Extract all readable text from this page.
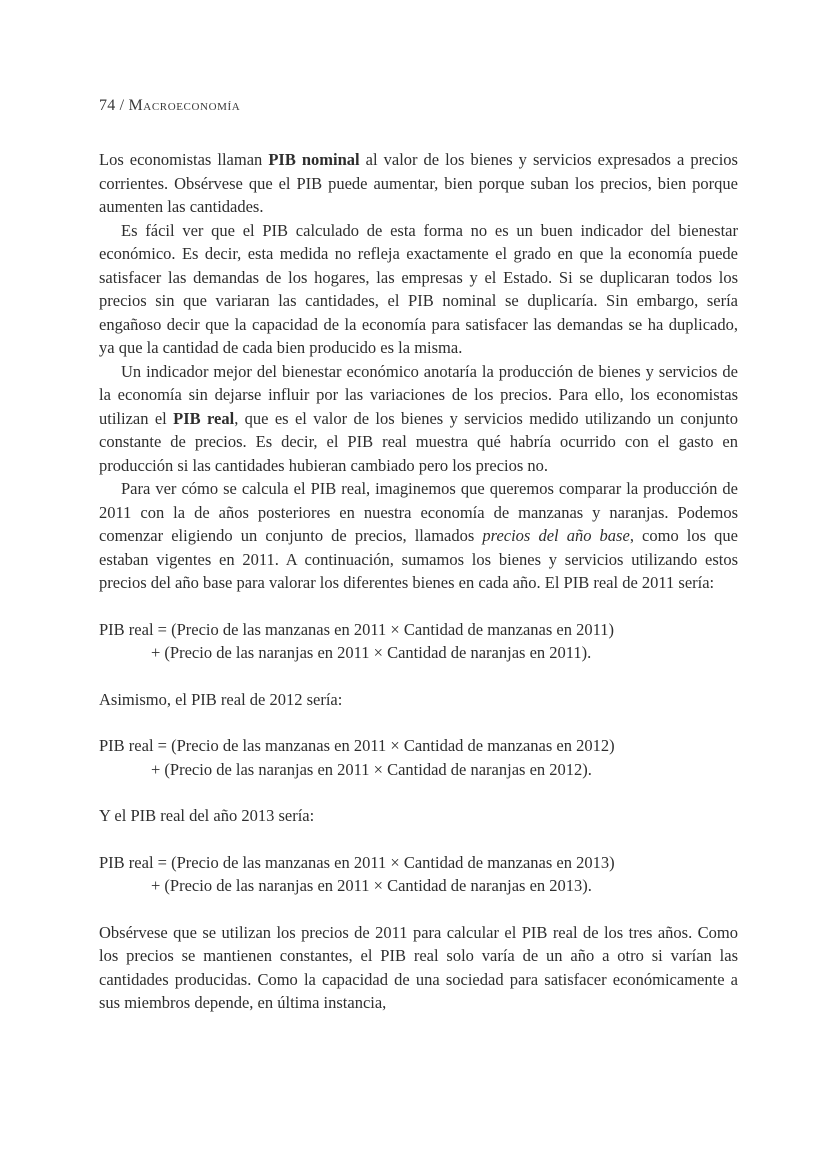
74 / Macroeconomía

Los economistas llaman PIB nominal al valor de los bienes y servicios expresados a precios corrientes. Obsérvese que el PIB puede aumentar, bien porque suban los precios, bien porque aumenten las cantidades.

Es fácil ver que el PIB calculado de esta forma no es un buen indicador del bienestar económico. Es decir, esta medida no refleja exactamente el grado en que la economía puede satisfacer las demandas de los hogares, las empresas y el Estado. Si se duplicaran todos los precios sin que variaran las cantidades, el PIB nominal se duplicaría. Sin embargo, sería engañoso decir que la capacidad de la economía para satisfacer las demandas se ha duplicado, ya que la cantidad de cada bien producido es la misma.

Un indicador mejor del bienestar económico anotaría la producción de bienes y servicios de la economía sin dejarse influir por las variaciones de los precios. Para ello, los economistas utilizan el PIB real, que es el valor de los bienes y servicios medido utilizando un conjunto constante de precios. Es decir, el PIB real muestra qué habría ocurrido con el gasto en producción si las cantidades hubieran cambiado pero los precios no.

Para ver cómo se calcula el PIB real, imaginemos que queremos comparar la producción de 2011 con la de años posteriores en nuestra economía de manzanas y naranjas. Podemos comenzar eligiendo un conjunto de precios, llamados precios del año base, como los que estaban vigentes en 2011. A continuación, sumamos los bienes y servicios utilizando estos precios del año base para valorar los diferentes bienes en cada año. El PIB real de 2011 sería:

PIB real = (Precio de las manzanas en 2011 × Cantidad de manzanas en 2011)
+ (Precio de las naranjas en 2011 × Cantidad de naranjas en 2011).

Asimismo, el PIB real de 2012 sería:

PIB real = (Precio de las manzanas en 2011 × Cantidad de manzanas en 2012)
+ (Precio de las naranjas en 2011 × Cantidad de naranjas en 2012).

Y el PIB real del año 2013 sería:

PIB real = (Precio de las manzanas en 2011 × Cantidad de manzanas en 2013)
+ (Precio de las naranjas en 2011 × Cantidad de naranjas en 2013).

Obsérvese que se utilizan los precios de 2011 para calcular el PIB real de los tres años. Como los precios se mantienen constantes, el PIB real solo varía de un año a otro si varían las cantidades producidas. Como la capacidad de una sociedad para satisfacer económicamente a sus miembros depende, en última instancia,
